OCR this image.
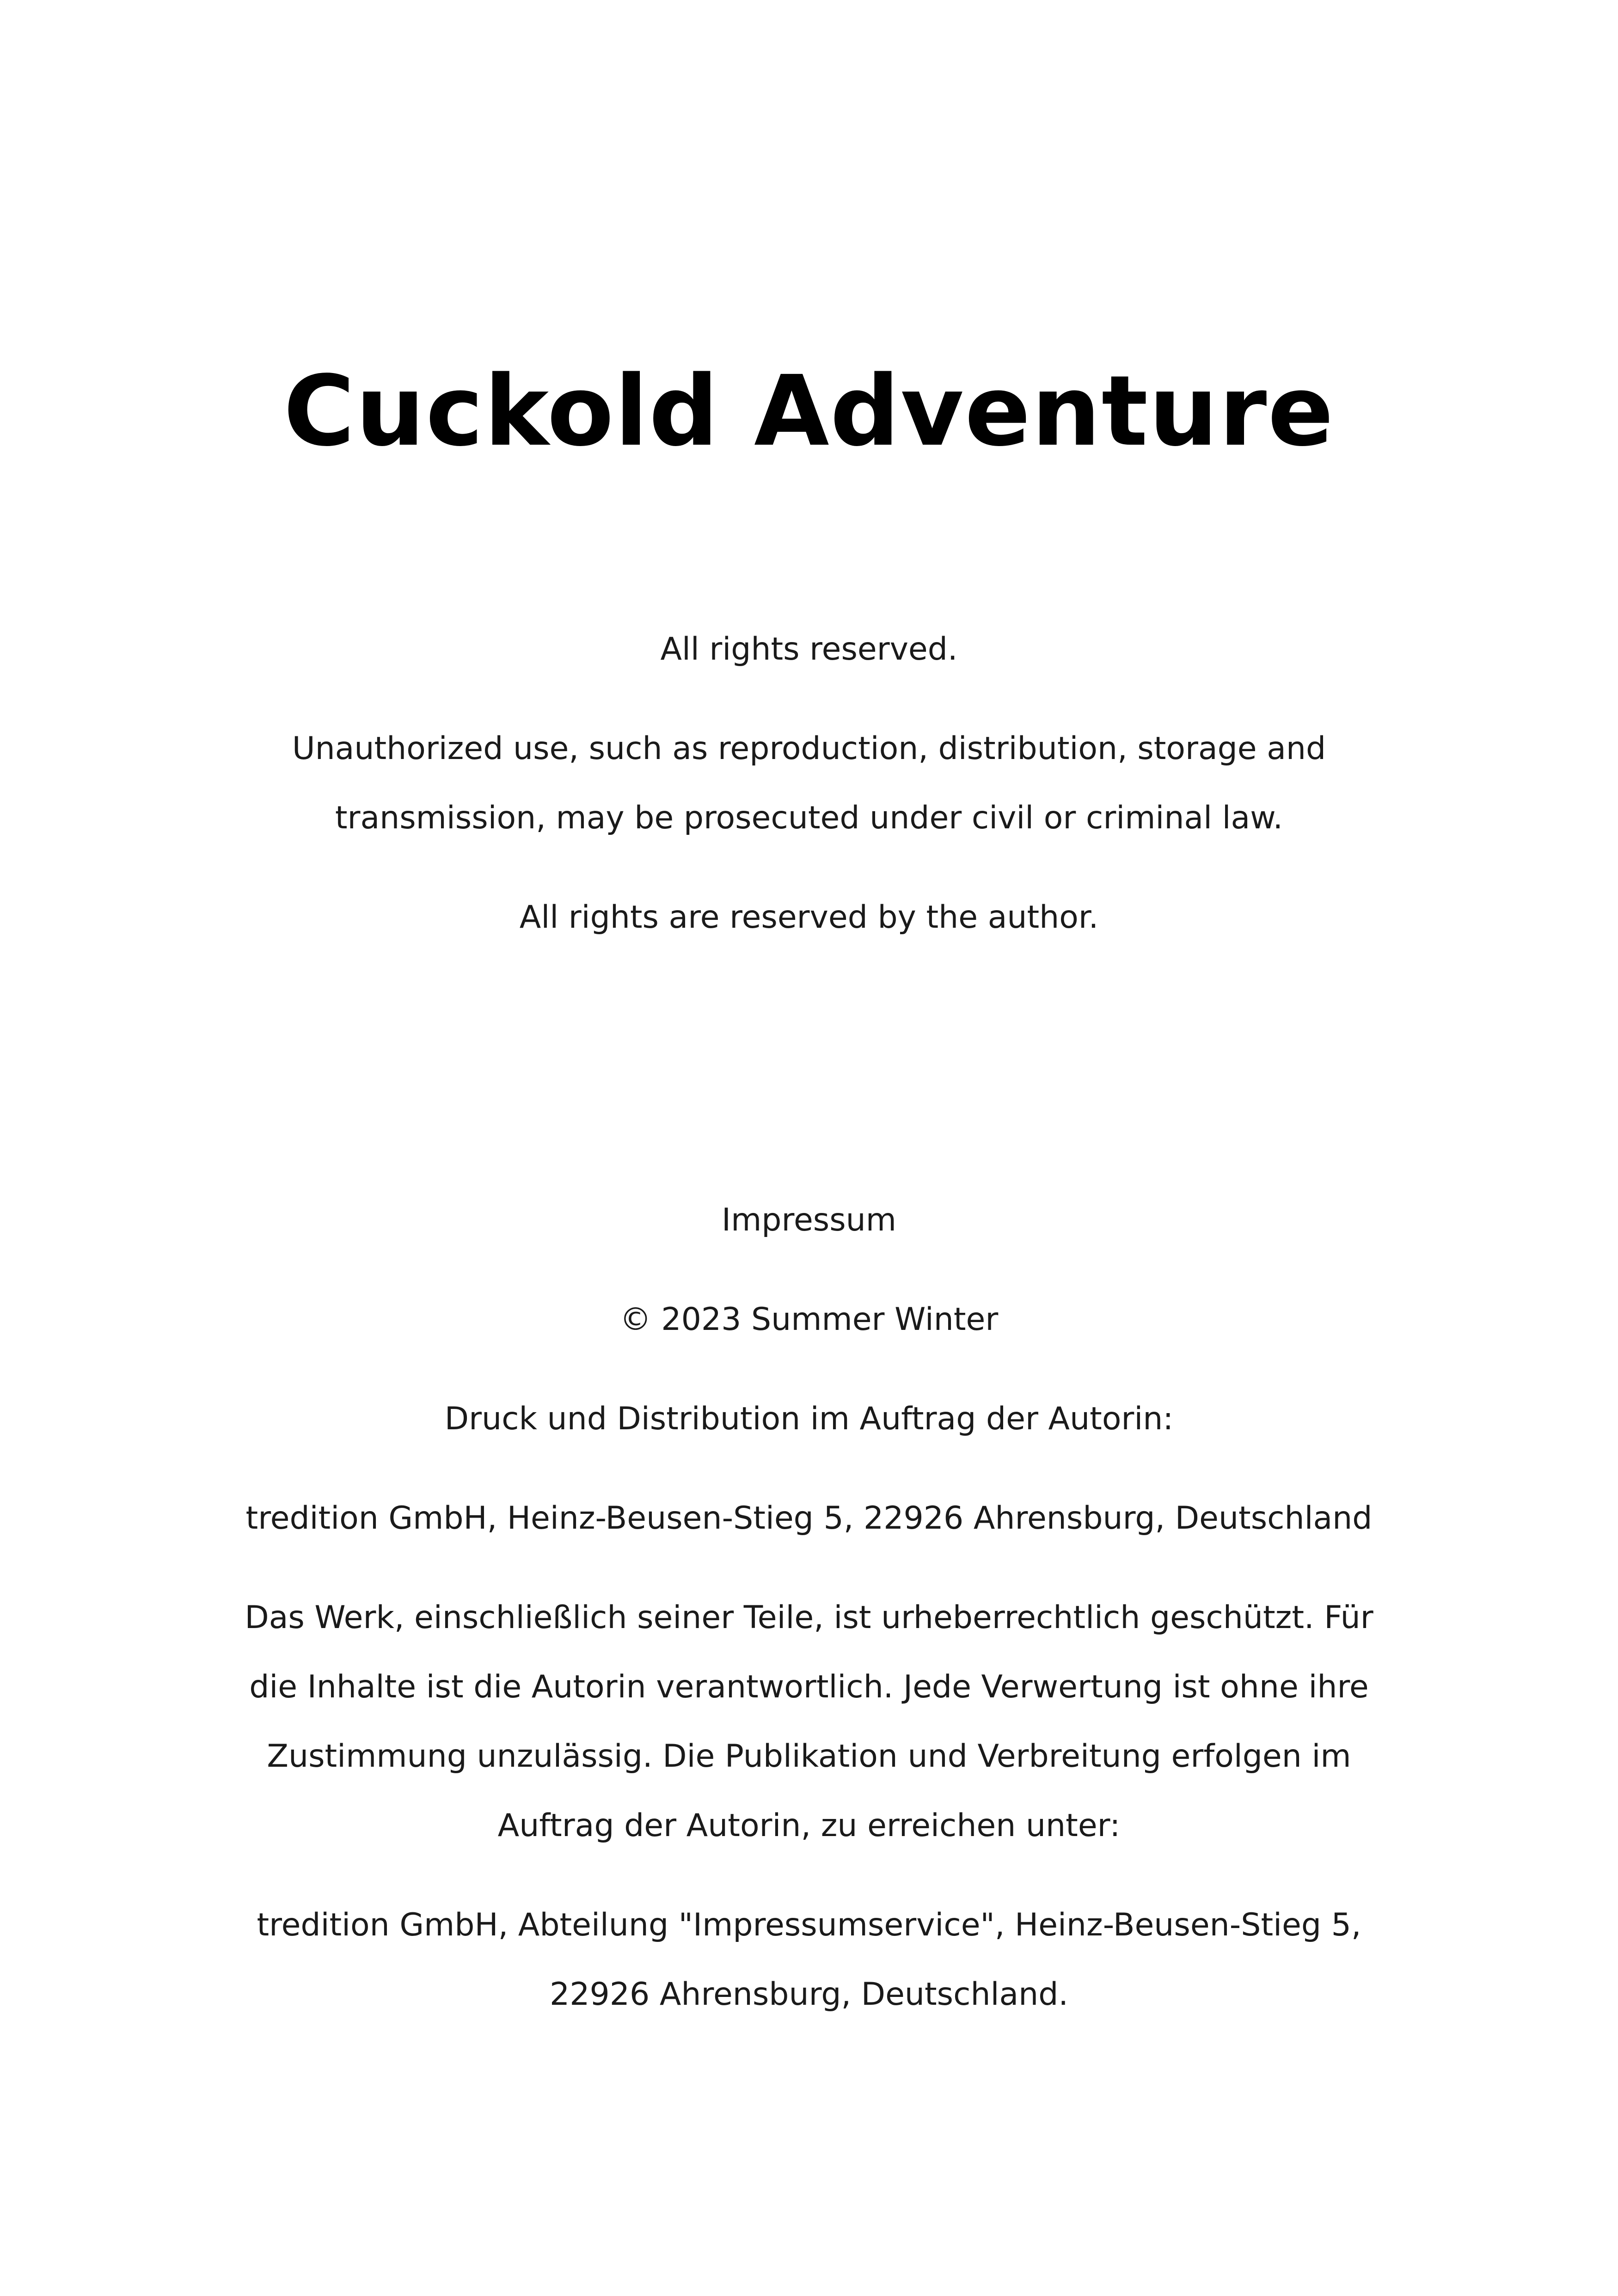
Cuckold Adventure
All rights reserved.
Unauthorized use, such as reproduction, distribution, storage and
transmission, may be prosecuted under civil or criminal law.
All rights are reserved by the author.
Impressum
© 2023 Summer Winter
Druck und Distribution im Auftrag der Autorin:
tredition GmbH, Heinz-Beusen-Stieg 5, 22926 Ahrensburg, Deutschland
Das Werk, einschließlich seiner Teile, ist urheberrechtlich geschützt. Für
die Inhalte ist die Autorin verantwortlich. Jede Verwertung ist ohne ihre
Zustimmung unzulässig. Die Publikation und Verbreitung erfolgen im
Auftrag der Autorin, zu erreichen unter:
tredition GmbH, Abteilung "Impressumservice", Heinz-Beusen-Stieg 5,
22926 Ahrensburg, Deutschland.
